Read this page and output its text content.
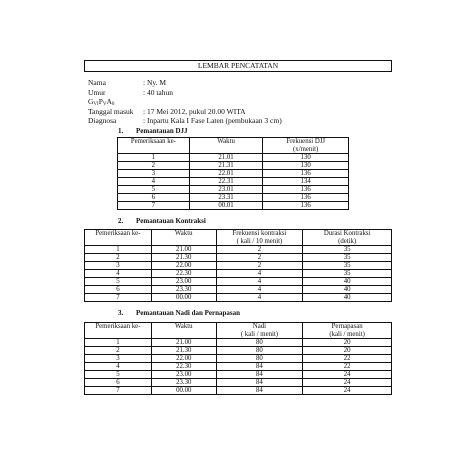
LEMBAR PENCATATAN
Nama	: Ny. M
Umur	: 40 tahun
$G_{VI}P_VA_0$
Tanggal masuk	: 17 Mei 2012, pukul 20.00 WITA
Diagnosa	: Inpartu Kala I Fase Laten (pembukaan 3 cm)
1. Pemantauan DJJ
Pemeriksaan ke-	Waktu	Frekuensi DJJ
(x/menit)
1	21.01	130
2	21.31	130
3	22.01	136
4	22.31	134
5	23.01	136
6	23.31	136
7	00.01	136
2. Pemantauan Kontraksi
Pemeriksaan ke-	Waktu	Frekuensi kontraksi
( kali / 10 menit)	Durasi Kontraksi
(detik)
1	21.00	2	35
2	21.30	2	35
3	22.00	2	35
4	22.30	4	35
5	23.00	4	40
6	23.30	4	40
7	00.00	4	40
3. Pemantauan Nadi dan Pernapasan
Pemeriksaan ke-	Waktu	Nadi
( kali / menit)	Pernapasan
(kali / menit)
1	21.00	80	20
2	21.30	80	20
3	22.00	80	22
4	22.30	84	22
5	23.00	84	24
6	23.30	84	24
7	00.00	84	24
